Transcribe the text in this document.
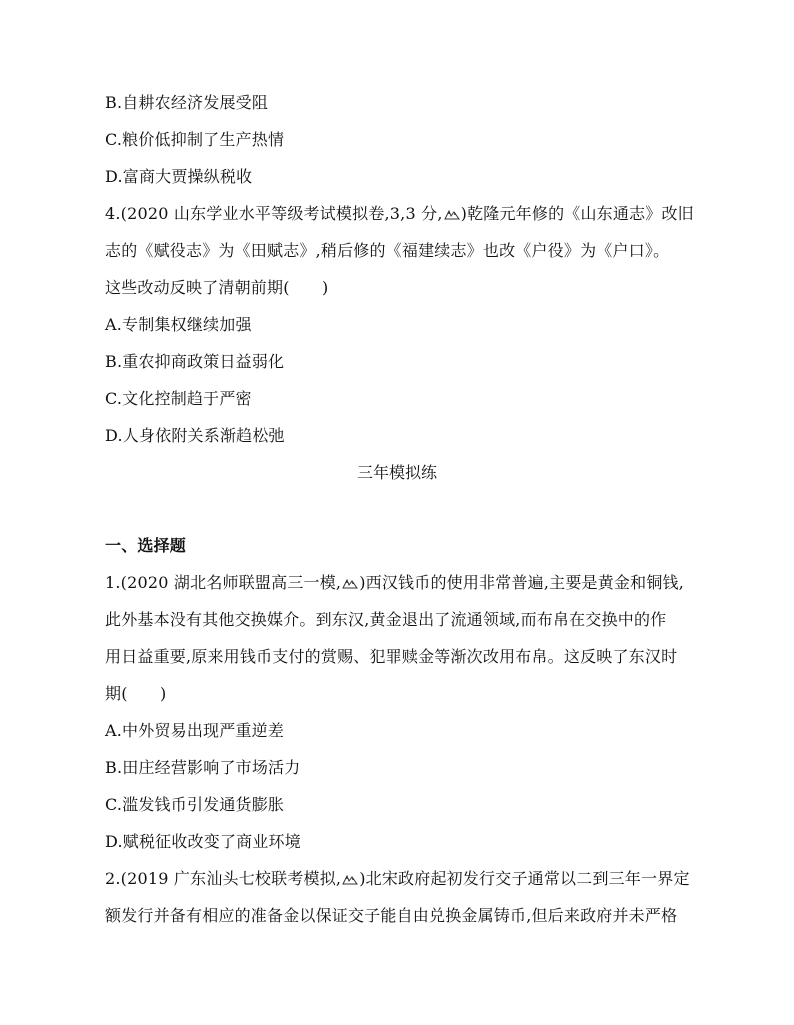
B.自耕农经济发展受阻
C.粮价低抑制了生产热情
D.富商大贾操纵税收
4.(2020 山东学业水平等级考试模拟卷,3,3 分, )乾隆元年修的《山东通志》改旧
志的《赋役志》为《田赋志》,稍后修的《福建续志》也改《户役》为《户口》。
这些改动反映了清朝前期(　　)
A.专制集权继续加强
B.重农抑商政策日益弱化
C.文化控制趋于严密
D.人身依附关系渐趋松弛
三年模拟练
一、选择题
1.(2020 湖北名师联盟高三一模, )西汉钱币的使用非常普遍,主要是黄金和铜钱,
此外基本没有其他交换媒介。到东汉,黄金退出了流通领域,而布帛在交换中的作
用日益重要,原来用钱币支付的赏赐、犯罪赎金等渐次改用布帛。这反映了东汉时
期(　　)
A.中外贸易出现严重逆差
B.田庄经营影响了市场活力
C.滥发钱币引发通货膨胀
D.赋税征收改变了商业环境
2.(2019 广东汕头七校联考模拟, )北宋政府起初发行交子通常以二到三年一界定
额发行并备有相应的准备金以保证交子能自由兑换金属铸币,但后来政府并未严格
